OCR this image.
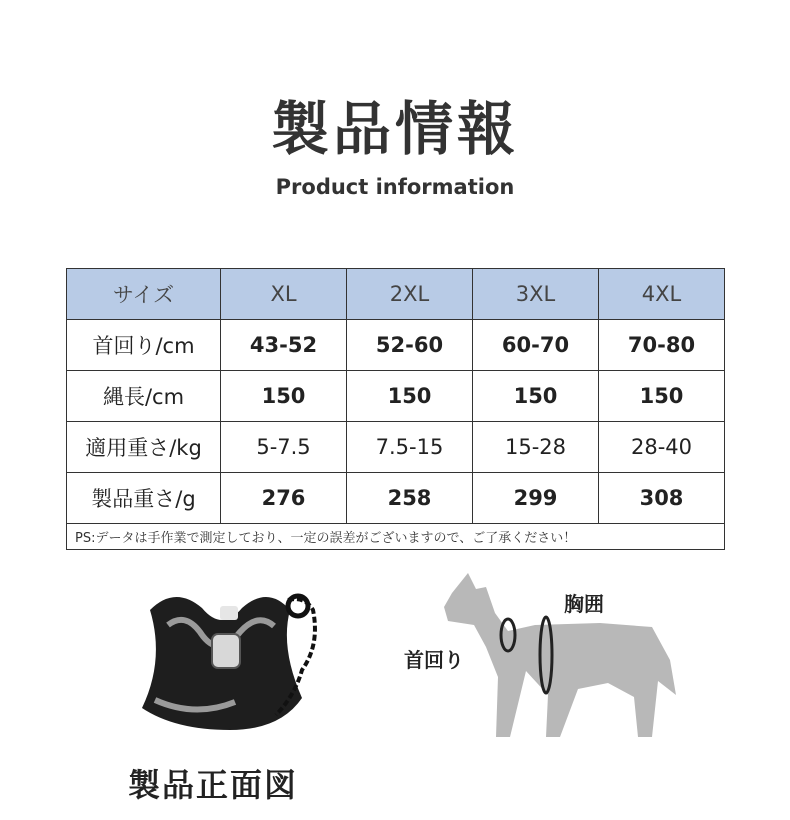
製品情報
Product information
サイズ	XL	2XL	3XL	4XL
首回り/cm	43-52	52-60	60-70	70-80
縄長/cm	150	150	150	150
適用重さ/kg	5-7.5	7.5-15	15-28	28-40
製品重さ/g	276	258	299	308
PS:データは手作業で測定しており、一定の誤差がございますので、ご了承ください！				
胸囲
首回り
製品正面図
